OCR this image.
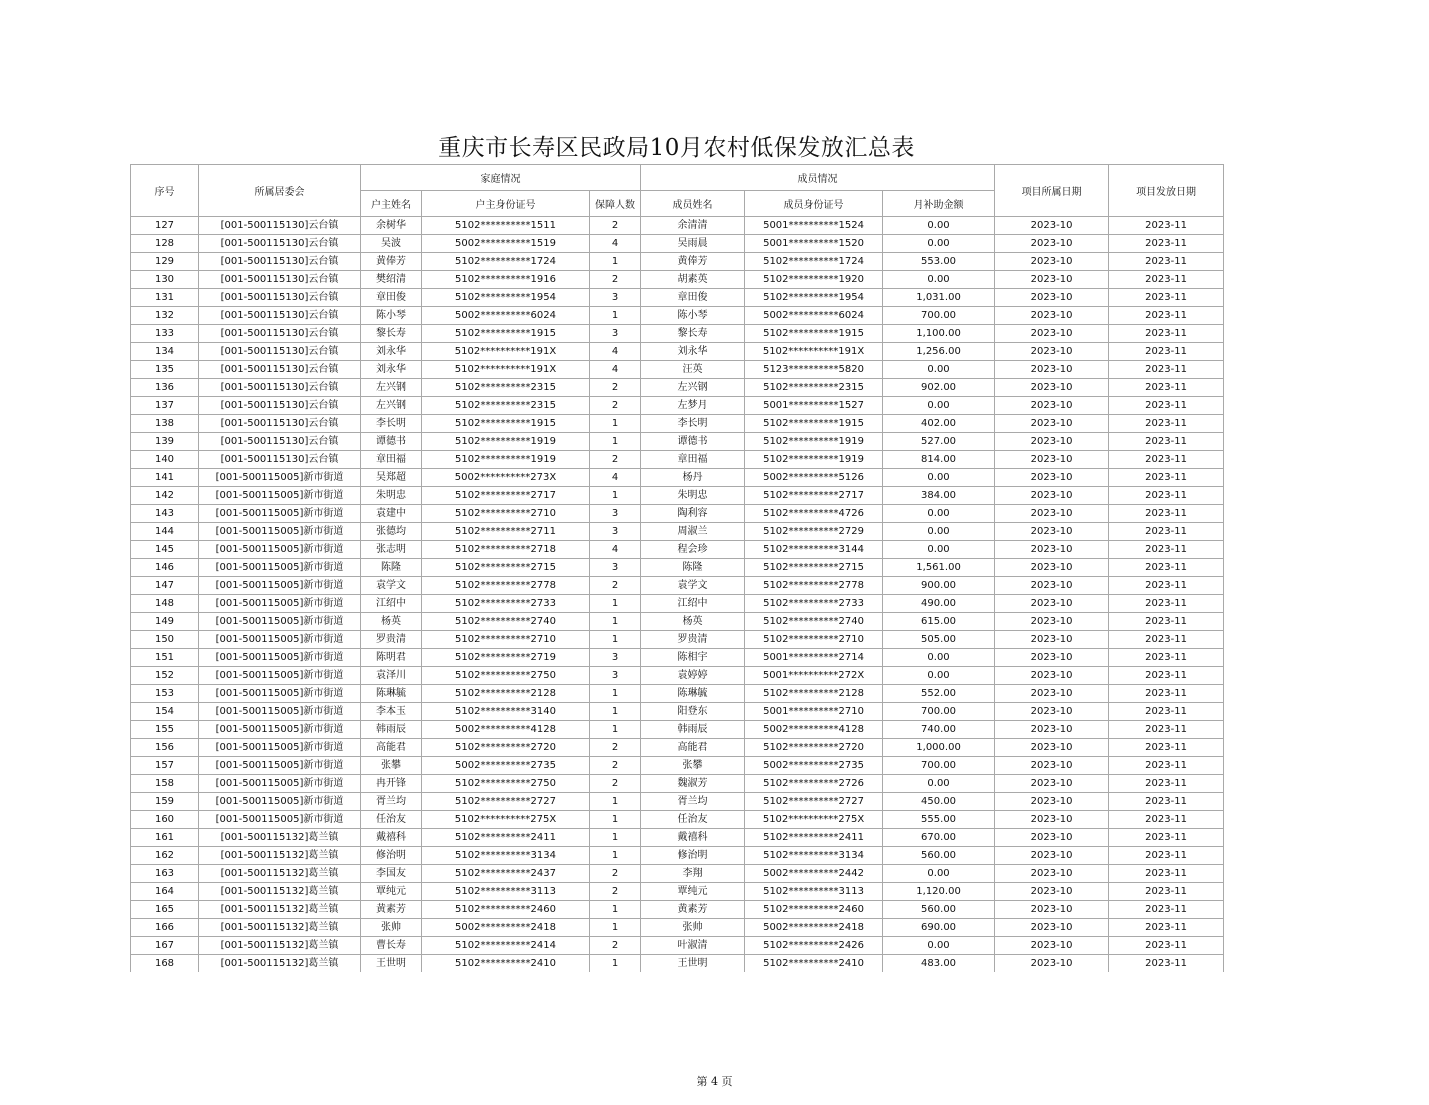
重庆市长寿区民政局10月农村低保发放汇总表
序号	所属居委会	家庭情况			成员情况			项目所属日期	项目发放日期
		户主姓名	户主身份证号	保障人数	成员姓名	成员身份证号	月补助金额		
127	[001-500115130]云台镇	余树华	5102**********1511	2	余清清	5001**********1524	0.00	2023-10	2023-11
128	[001-500115130]云台镇	吴波	5002**********1519	4	吴雨晨	5001**********1520	0.00	2023-10	2023-11
129	[001-500115130]云台镇	黄俸芳	5102**********1724	1	黄俸芳	5102**********1724	553.00	2023-10	2023-11
130	[001-500115130]云台镇	樊绍清	5102**********1916	2	胡素英	5102**********1920	0.00	2023-10	2023-11
131	[001-500115130]云台镇	章田俊	5102**********1954	3	章田俊	5102**********1954	1,031.00	2023-10	2023-11
132	[001-500115130]云台镇	陈小琴	5002**********6024	1	陈小琴	5002**********6024	700.00	2023-10	2023-11
133	[001-500115130]云台镇	黎长寿	5102**********1915	3	黎长寿	5102**********1915	1,100.00	2023-10	2023-11
134	[001-500115130]云台镇	刘永华	5102**********191X	4	刘永华	5102**********191X	1,256.00	2023-10	2023-11
135	[001-500115130]云台镇	刘永华	5102**********191X	4	汪英	5123**********5820	0.00	2023-10	2023-11
136	[001-500115130]云台镇	左兴钢	5102**********2315	2	左兴钢	5102**********2315	902.00	2023-10	2023-11
137	[001-500115130]云台镇	左兴钢	5102**********2315	2	左梦月	5001**********1527	0.00	2023-10	2023-11
138	[001-500115130]云台镇	李长明	5102**********1915	1	李长明	5102**********1915	402.00	2023-10	2023-11
139	[001-500115130]云台镇	谭德书	5102**********1919	1	谭德书	5102**********1919	527.00	2023-10	2023-11
140	[001-500115130]云台镇	章田福	5102**********1919	2	章田福	5102**********1919	814.00	2023-10	2023-11
141	[001-500115005]新市街道	吴郑超	5002**********273X	4	杨丹	5002**********5126	0.00	2023-10	2023-11
142	[001-500115005]新市街道	朱明忠	5102**********2717	1	朱明忠	5102**********2717	384.00	2023-10	2023-11
143	[001-500115005]新市街道	袁建中	5102**********2710	3	陶利容	5102**********4726	0.00	2023-10	2023-11
144	[001-500115005]新市街道	张德均	5102**********2711	3	周淑兰	5102**********2729	0.00	2023-10	2023-11
145	[001-500115005]新市街道	张志明	5102**********2718	4	程会珍	5102**********3144	0.00	2023-10	2023-11
146	[001-500115005]新市街道	陈隆	5102**********2715	3	陈隆	5102**********2715	1,561.00	2023-10	2023-11
147	[001-500115005]新市街道	袁学文	5102**********2778	2	袁学文	5102**********2778	900.00	2023-10	2023-11
148	[001-500115005]新市街道	江绍中	5102**********2733	1	江绍中	5102**********2733	490.00	2023-10	2023-11
149	[001-500115005]新市街道	杨英	5102**********2740	1	杨英	5102**********2740	615.00	2023-10	2023-11
150	[001-500115005]新市街道	罗贵清	5102**********2710	1	罗贵清	5102**********2710	505.00	2023-10	2023-11
151	[001-500115005]新市街道	陈明君	5102**********2719	3	陈相宇	5001**********2714	0.00	2023-10	2023-11
152	[001-500115005]新市街道	袁泽川	5102**********2750	3	袁婷婷	5001**********272X	0.00	2023-10	2023-11
153	[001-500115005]新市街道	陈琳毓	5102**********2128	1	陈琳毓	5102**********2128	552.00	2023-10	2023-11
154	[001-500115005]新市街道	李本玉	5102**********3140	1	阳登东	5001**********2710	700.00	2023-10	2023-11
155	[001-500115005]新市街道	韩雨辰	5002**********4128	1	韩雨辰	5002**********4128	740.00	2023-10	2023-11
156	[001-500115005]新市街道	高能君	5102**********2720	2	高能君	5102**********2720	1,000.00	2023-10	2023-11
157	[001-500115005]新市街道	张攀	5002**********2735	2	张攀	5002**********2735	700.00	2023-10	2023-11
158	[001-500115005]新市街道	冉开锋	5102**********2750	2	魏淑芳	5102**********2726	0.00	2023-10	2023-11
159	[001-500115005]新市街道	胥兰均	5102**********2727	1	胥兰均	5102**********2727	450.00	2023-10	2023-11
160	[001-500115005]新市街道	任治友	5102**********275X	1	任治友	5102**********275X	555.00	2023-10	2023-11
161	[001-500115132]葛兰镇	戴禧科	5102**********2411	1	戴禧科	5102**********2411	670.00	2023-10	2023-11
162	[001-500115132]葛兰镇	修治明	5102**********3134	1	修治明	5102**********3134	560.00	2023-10	2023-11
163	[001-500115132]葛兰镇	李国友	5102**********2437	2	李翔	5002**********2442	0.00	2023-10	2023-11
164	[001-500115132]葛兰镇	覃纯元	5102**********3113	2	覃纯元	5102**********3113	1,120.00	2023-10	2023-11
165	[001-500115132]葛兰镇	黄素芳	5102**********2460	1	黄素芳	5102**********2460	560.00	2023-10	2023-11
166	[001-500115132]葛兰镇	张帅	5002**********2418	1	张帅	5002**********2418	690.00	2023-10	2023-11
167	[001-500115132]葛兰镇	曹长寿	5102**********2414	2	叶淑清	5102**********2426	0.00	2023-10	2023-11
168	[001-500115132]葛兰镇	王世明	5102**********2410	1	王世明	5102**********2410	483.00	2023-10	2023-11
第 4 页
